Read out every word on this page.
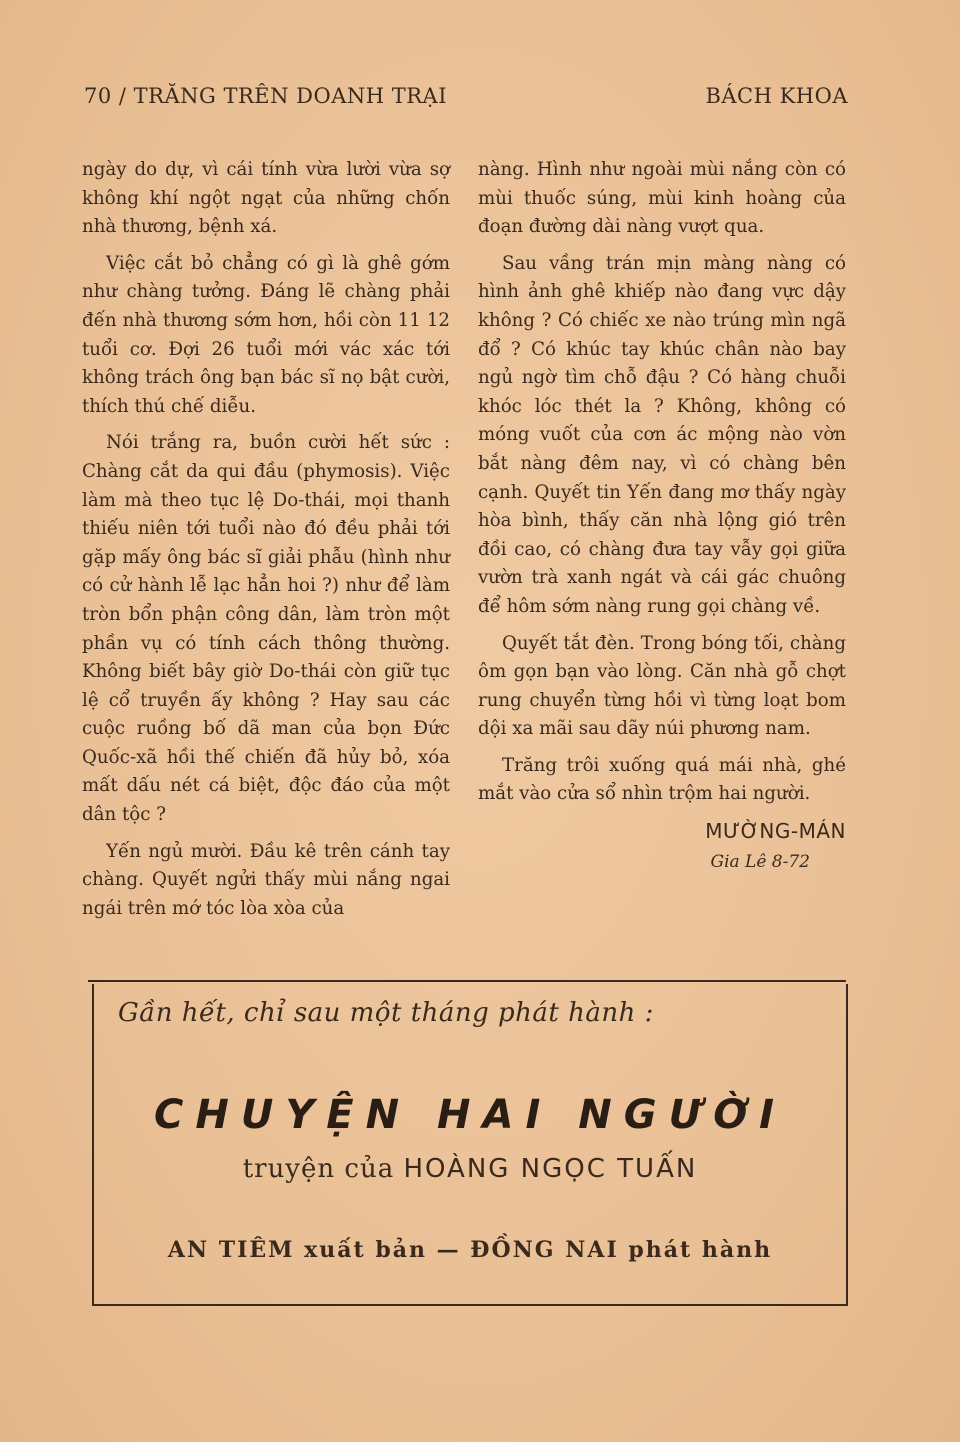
70 / TRĂNG TRÊN DOANH TRẠI	BÁCH KHOA

ngày do dự, vì cái tính vừa lười vừa sợ không khí ngột ngạt của những chốn nhà thương, bệnh xá.

Việc cắt bỏ chẳng có gì là ghê gớm như chàng tưởng. Đáng lẽ chàng phải đến nhà thương sớm hơn, hồi còn 11 12 tuổi cơ. Đợi 26 tuổi mới vác xác tới không trách ông bạn bác sĩ nọ bật cười, thích thú chế diễu.

Nói trắng ra, buồn cười hết sức : Chàng cắt da qui đầu (phymosis). Việc làm mà theo tục lệ Do-thái, mọi thanh thiếu niên tới tuổi nào đó đều phải tới gặp mấy ông bác sĩ giải phẫu (hình như có cử hành lễ lạc hẳn hoi ?) như để làm tròn bổn phận công dân, làm tròn một phần vụ có tính cách thông thường. Không biết bây giờ Do-thái còn giữ tục lệ cổ truyền ấy không ? Hay sau các cuộc ruồng bố dã man của bọn Đức Quốc-xã hồi thế chiến đã hủy bỏ, xóa mất dấu nét cá biệt, độc đáo của một dân tộc ?

Yến ngủ mười. Đầu kê trên cánh tay chàng. Quyết ngửi thấy mùi nắng ngai ngái trên mớ tóc lòa xòa của

nàng. Hình như ngoài mùi nắng còn có mùi thuốc súng, mùi kinh hoàng của đoạn đường dài nàng vượt qua.

Sau vầng trán mịn màng nàng có hình ảnh ghê khiếp nào đang vực dậy không ? Có chiếc xe nào trúng mìn ngã đổ ? Có khúc tay khúc chân nào bay ngủ ngờ tìm chỗ đậu ? Có hàng chuỗi khóc lóc thét la ? Không, không có móng vuốt của cơn ác mộng nào vờn bắt nàng đêm nay, vì có chàng bên cạnh. Quyết tin Yến đang mơ thấy ngày hòa bình, thấy căn nhà lộng gió trên đồi cao, có chàng đưa tay vẫy gọi giữa vườn trà xanh ngát và cái gác chuông để hôm sớm nàng rung gọi chàng về.

Quyết tắt đèn. Trong bóng tối, chàng ôm gọn bạn vào lòng. Căn nhà gỗ chợt rung chuyển từng hồi vì từng loạt bom dội xa mãi sau dãy núi phương nam.

Trăng trôi xuống quá mái nhà, ghé mắt vào cửa sổ nhìn trộm hai người.

MƯỜNG-MÁN
Gia Lê 8-72
Gần hết, chỉ sau một tháng phát hành :
CHUYỆN HAI NGƯỜI
truyện của HOÀNG NGỌC TUẤN
AN TIÊM xuất bản — ĐỒNG NAI phát hành
